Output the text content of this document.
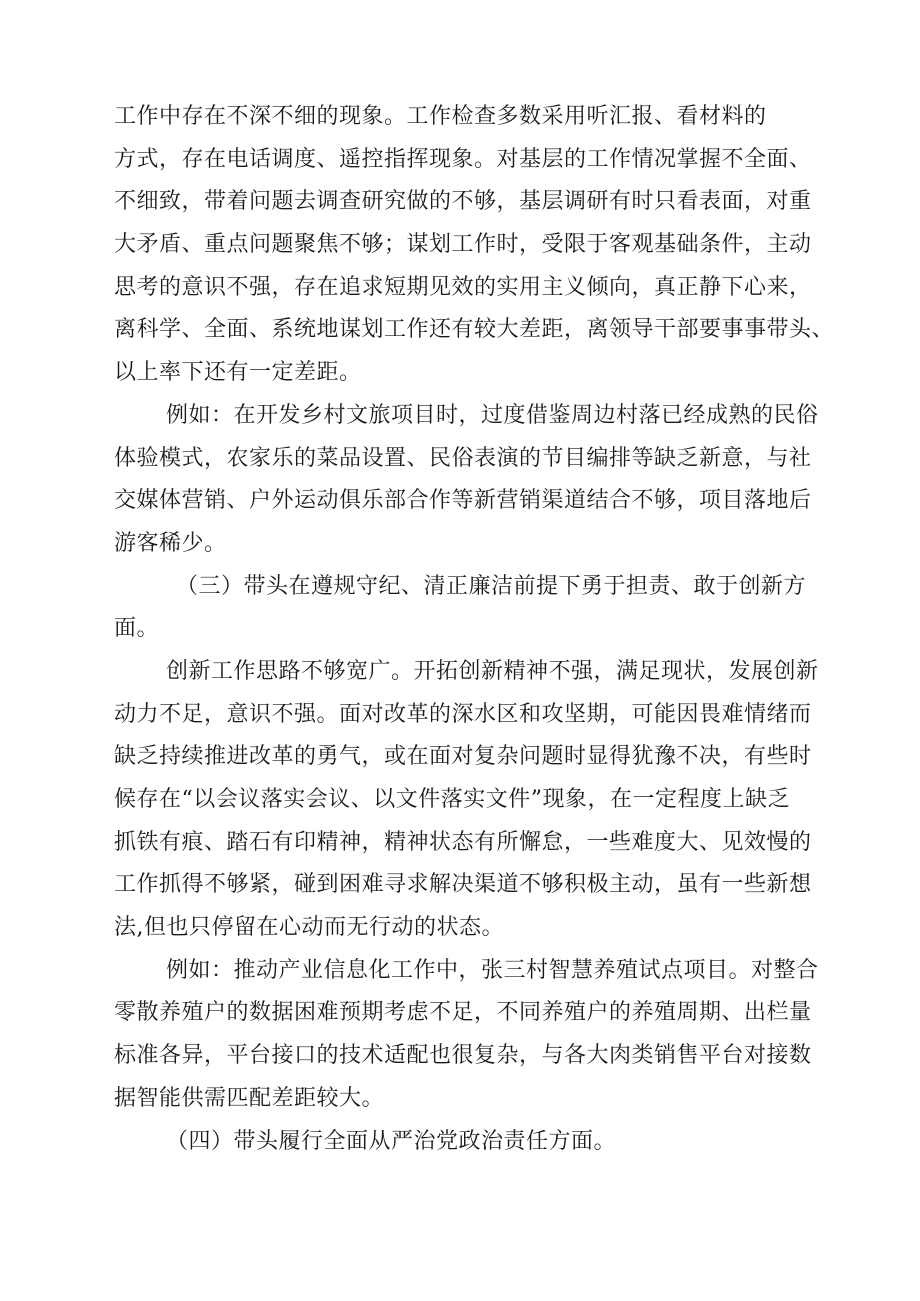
工作中存在不深不细的现象。工作检查多数采用听汇报、看材料的
方式，存在电话调度、遥控指挥现象。对基层的工作情况掌握不全面、
不细致，带着问题去调查研究做的不够，基层调研有时只看表面，对重
大矛盾、重点问题聚焦不够；谋划工作时，受限于客观基础条件，主动
思考的意识不强，存在追求短期见效的实用主义倾向，真正静下心来，
离科学、全面、系统地谋划工作还有较大差距，离领导干部要事事带头、
以上率下还有一定差距。
例如：在开发乡村文旅项目时，过度借鉴周边村落已经成熟的民俗
体验模式，农家乐的菜品设置、民俗表演的节目编排等缺乏新意，与社
交媒体营销、户外运动俱乐部合作等新营销渠道结合不够，项目落地后
游客稀少。
（三）带头在遵规守纪、清正廉洁前提下勇于担责、敢于创新方
面。
创新工作思路不够宽广。开拓创新精神不强，满足现状，发展创新
动力不足，意识不强。面对改革的深水区和攻坚期，可能因畏难情绪而
缺乏持续推进改革的勇气，或在面对复杂问题时显得犹豫不决，有些时
候存在“以会议落实会议、以文件落实文件”现象，在一定程度上缺乏
抓铁有痕、踏石有印精神，精神状态有所懈怠，一些难度大、见效慢的
工作抓得不够紧，碰到困难寻求解决渠道不够积极主动，虽有一些新想
法,但也只停留在心动而无行动的状态。
例如：推动产业信息化工作中，张三村智慧养殖试点项目。对整合
零散养殖户的数据困难预期考虑不足，不同养殖户的养殖周期、出栏量
标准各异，平台接口的技术适配也很复杂，与各大肉类销售平台对接数
据智能供需匹配差距较大。
（四）带头履行全面从严治党政治责任方面。
